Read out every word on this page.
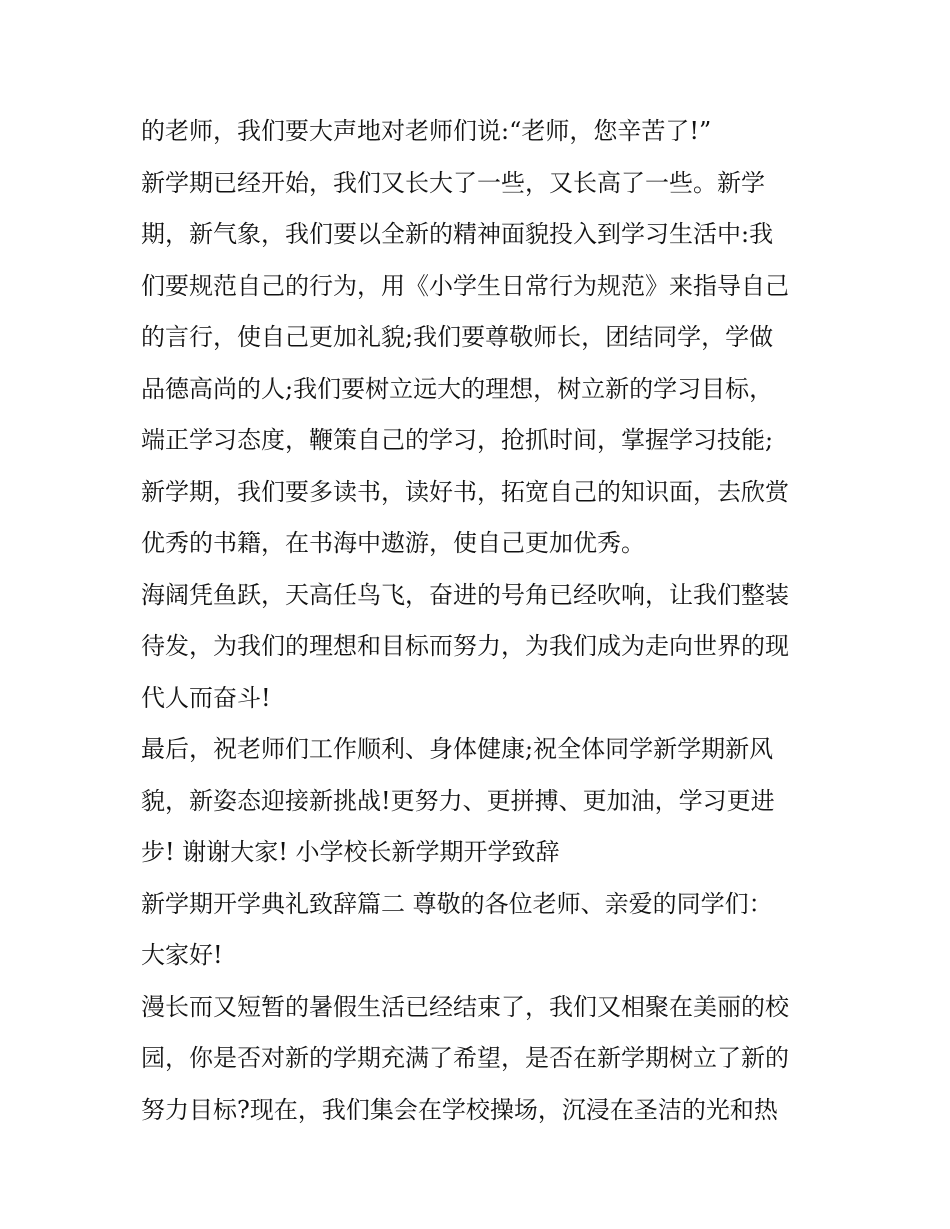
的老师，我们要大声地对老师们说:“老师，您辛苦了!”
新学期已经开始，我们又长大了一些，又长高了一些。新学
期，新气象，我们要以全新的精神面貌投入到学习生活中:我
们要规范自己的行为，用《小学生日常行为规范》来指导自己
的言行，使自己更加礼貌;我们要尊敬师长，团结同学，学做
品德高尚的人;我们要树立远大的理想，树立新的学习目标，
端正学习态度，鞭策自己的学习，抢抓时间，掌握学习技能;
新学期，我们要多读书，读好书，拓宽自己的知识面，去欣赏
优秀的书籍，在书海中遨游，使自己更加优秀。
海阔凭鱼跃，天高任鸟飞，奋进的号角已经吹响，让我们整装
待发，为我们的理想和目标而努力，为我们成为走向世界的现
代人而奋斗!
最后，祝老师们工作顺利、身体健康;祝全体同学新学期新风
貌，新姿态迎接新挑战!更努力、更拼搏、更加油，学习更进
步! 谢谢大家! 小学校长新学期开学致辞
新学期开学典礼致辞篇二 尊敬的各位老师、亲爱的同学们：
大家好!
漫长而又短暂的暑假生活已经结束了，我们又相聚在美丽的校
园，你是否对新的学期充满了希望，是否在新学期树立了新的
努力目标?现在，我们集会在学校操场，沉浸在圣洁的光和热
